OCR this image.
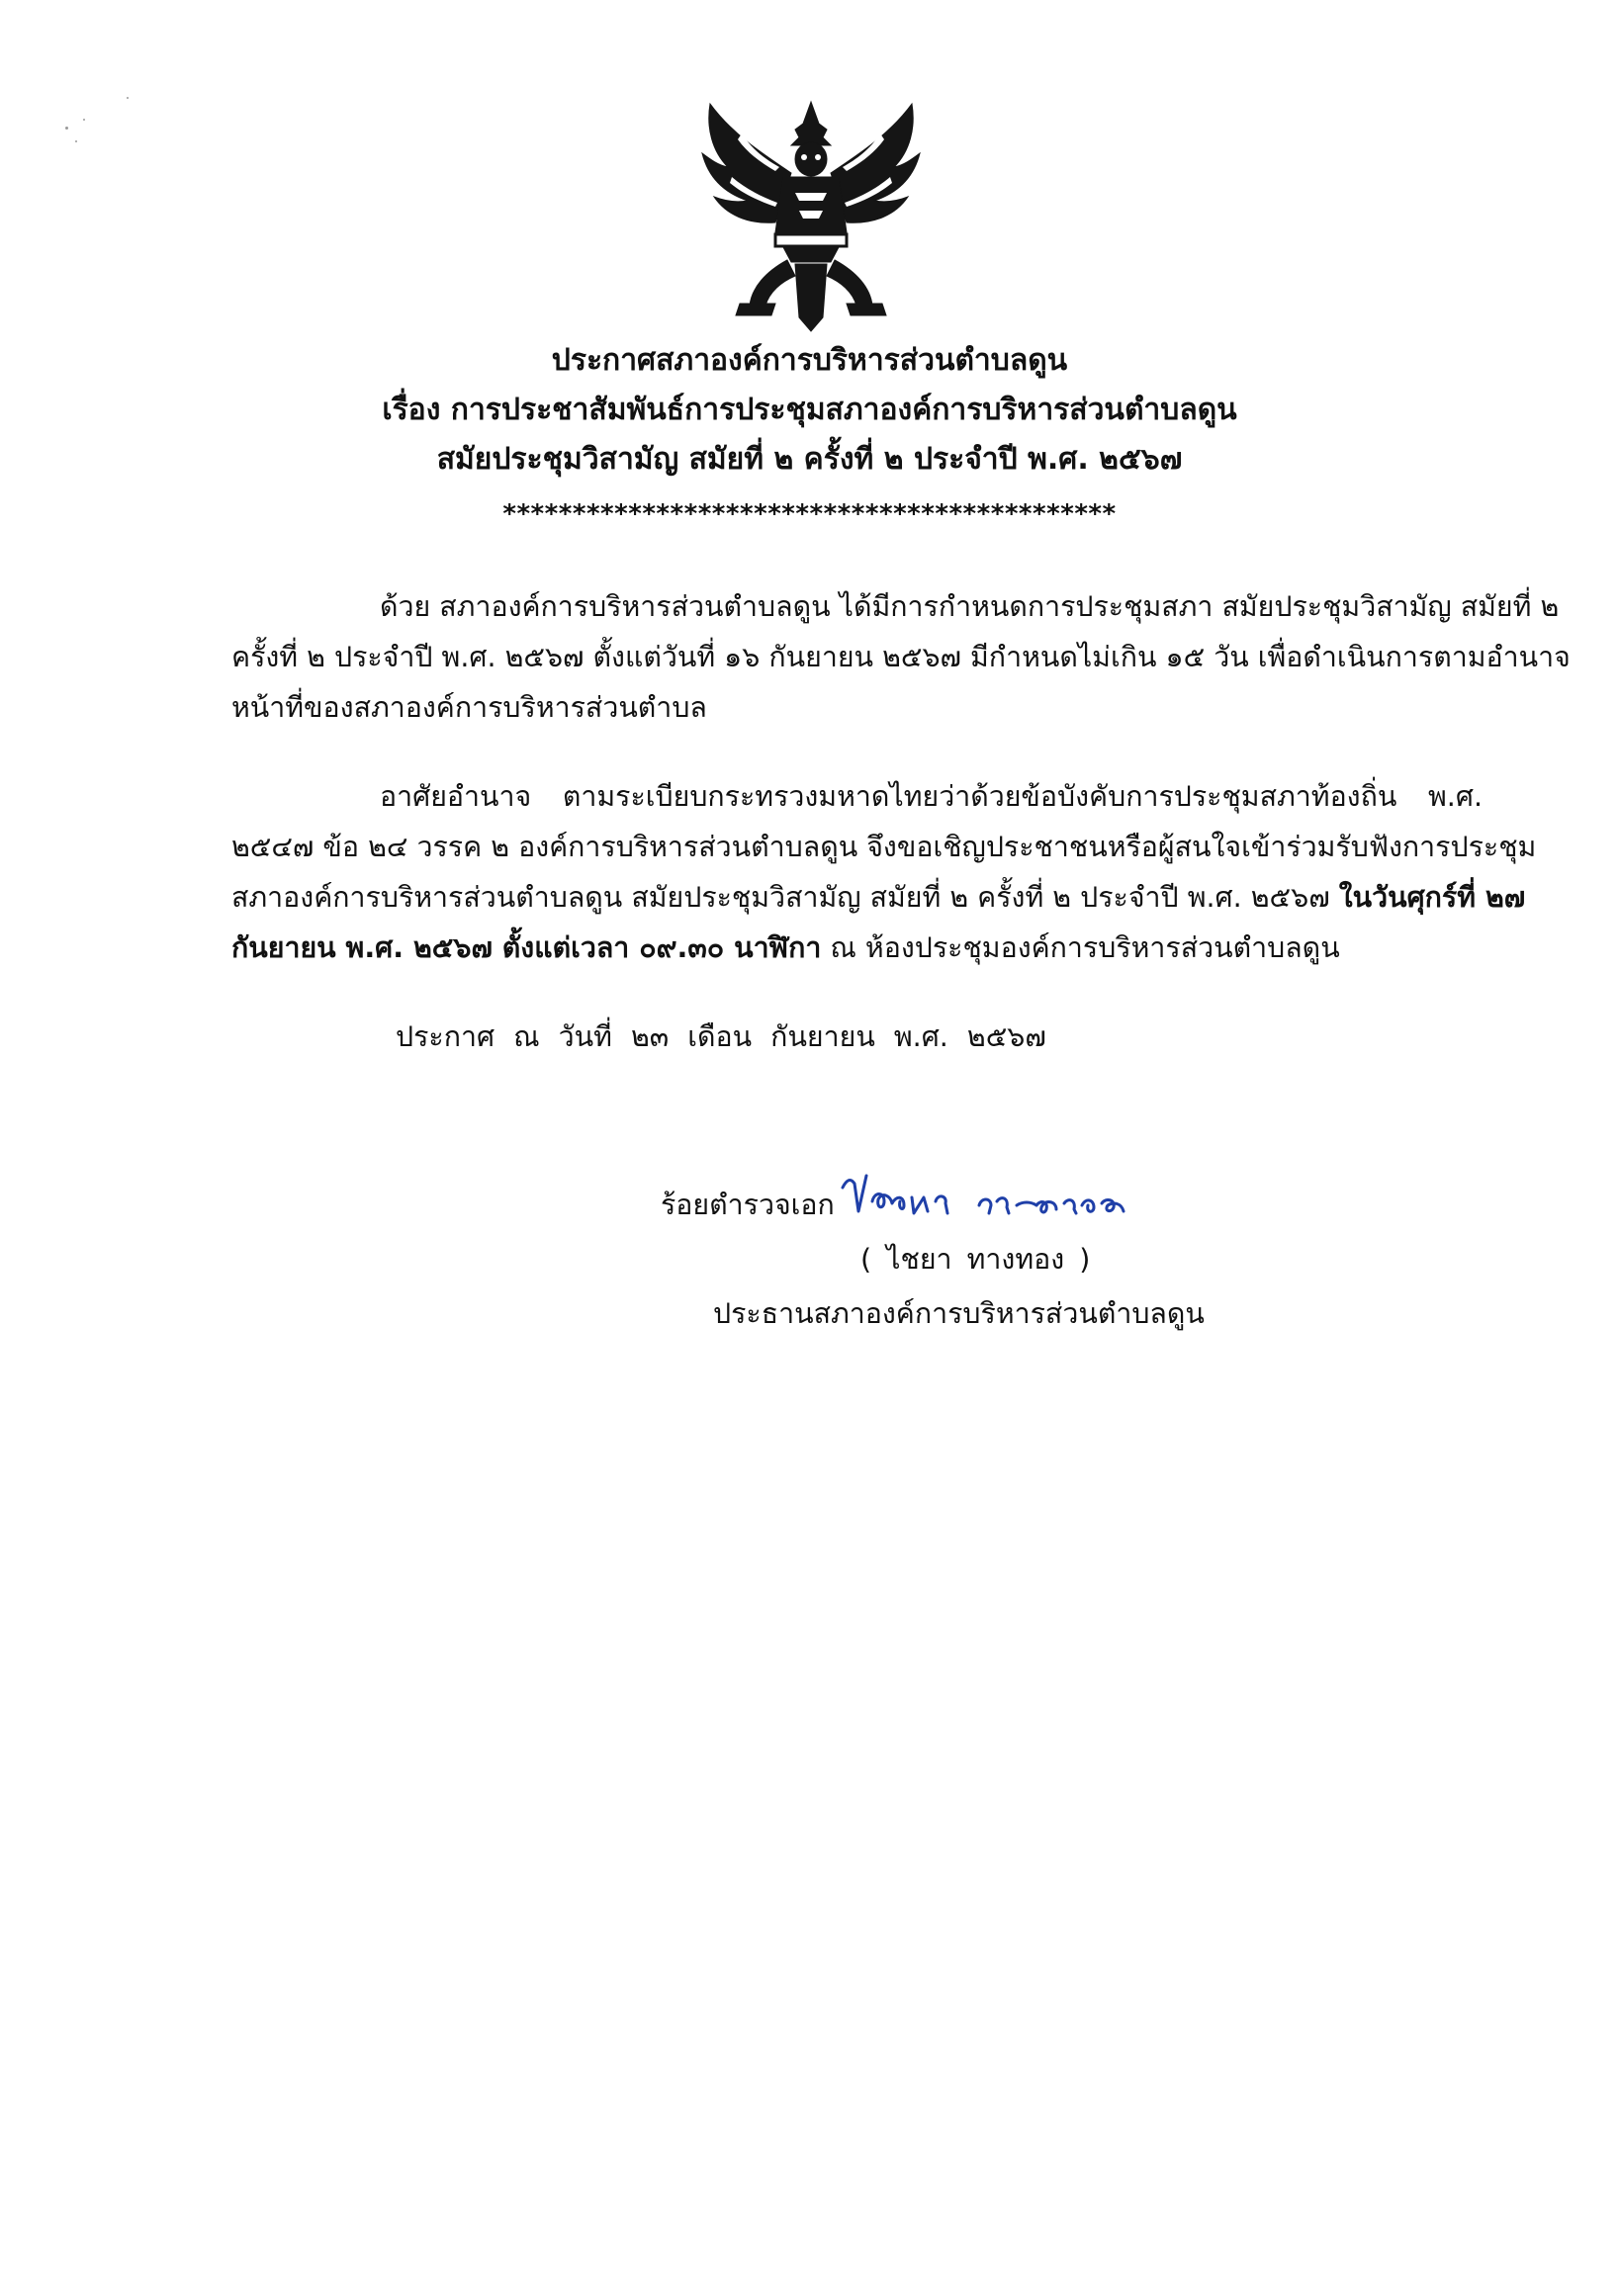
ประกาศสภาองค์การบริหารส่วนตำบลดูน
เรื่อง การประชาสัมพันธ์การประชุมสภาองค์การบริหารส่วนตำบลดูน
สมัยประชุมวิสามัญ สมัยที่ ๒ ครั้งที่ ๒ ประจำปี พ.ศ. ๒๕๖๗
********************************************
ด้วย สภาองค์การบริหารส่วนตำบลดูน ได้มีการกำหนดการประชุมสภา สมัยประชุมวิสามัญ สมัยที่ ๒
ครั้งที่ ๒ ประจำปี พ.ศ. ๒๕๖๗ ตั้งแต่วันที่ ๑๖ กันยายน ๒๕๖๗ มีกำหนดไม่เกิน ๑๕ วัน เพื่อดำเนินการตามอำนาจ
หน้าที่ของสภาองค์การบริหารส่วนตำบล
อาศัยอำนาจ ตามระเบียบกระทรวงมหาดไทยว่าด้วยข้อบังคับการประชุมสภาท้องถิ่น พ.ศ.
๒๕๔๗ ข้อ ๒๔ วรรค ๒ องค์การบริหารส่วนตำบลดูน จึงขอเชิญประชาชนหรือผู้สนใจเข้าร่วมรับฟังการประชุม
สภาองค์การบริหารส่วนตำบลดูน สมัยประชุมวิสามัญ สมัยที่ ๒ ครั้งที่ ๒ ประจำปี พ.ศ. ๒๕๖๗ ในวันศุกร์ที่ ๒๗
กันยายน พ.ศ. ๒๕๖๗ ตั้งแต่เวลา ๐๙.๓๐ นาฬิกา ณ ห้องประชุมองค์การบริหารส่วนตำบลดูน
ประกาศ ณ วันที่ ๒๓ เดือน กันยายน พ.ศ. ๒๕๖๗
ร้อยตำรวจเอก
( ไชยา ทางทอง )
ประธานสภาองค์การบริหารส่วนตำบลดูน
